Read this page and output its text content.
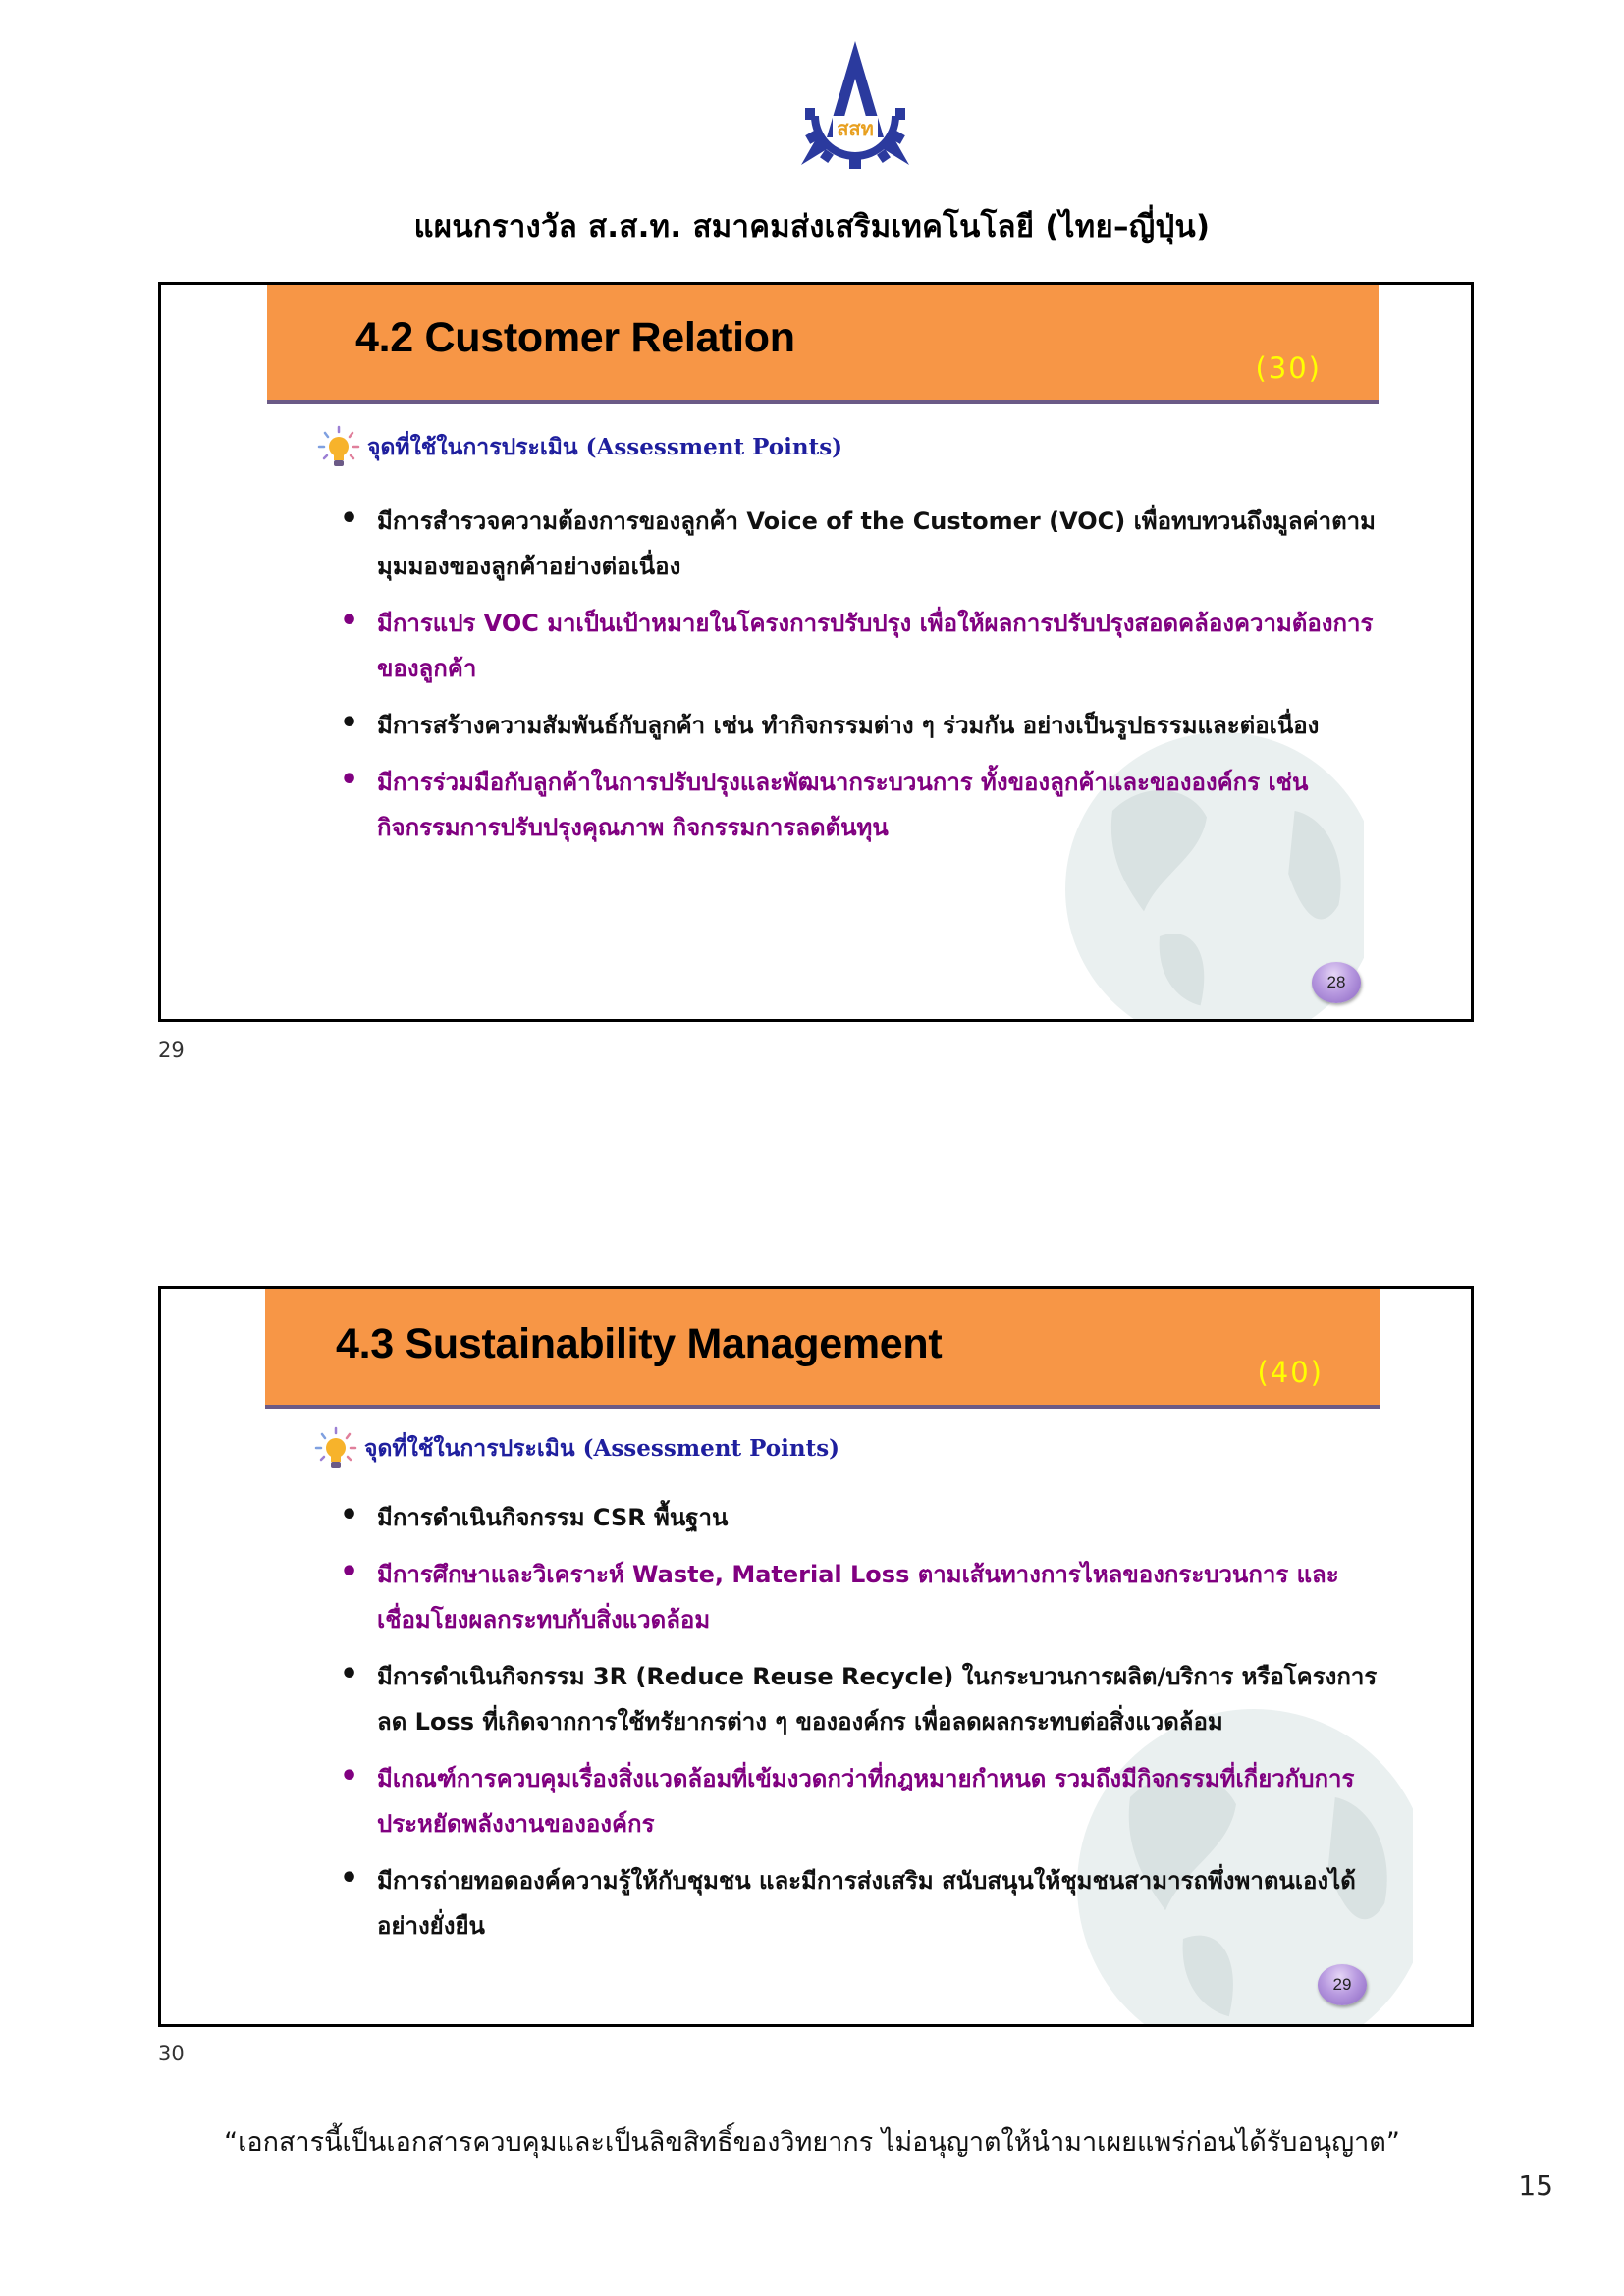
สสท
แผนกรางวัล ส.ส.ท. สมาคมส่งเสริมเทคโนโลยี (ไทย–ญี่ปุ่น)
4.2 Customer Relation
(30)
จุดที่ใช้ในการประเมิน (Assessment Points)
• มีการสำรวจความต้องการของลูกค้า Voice of the Customer (VOC) เพื่อทบทวนถึงมูลค่าตามมุมมองของลูกค้าอย่างต่อเนื่อง
• มีการแปร VOC มาเป็นเป้าหมายในโครงการปรับปรุง เพื่อให้ผลการปรับปรุงสอดคล้องความต้องการของลูกค้า
• มีการสร้างความสัมพันธ์กับลูกค้า เช่น ทำกิจกรรมต่าง ๆ ร่วมกัน อย่างเป็นรูปธรรมและต่อเนื่อง
• มีการร่วมมือกับลูกค้าในการปรับปรุงและพัฒนากระบวนการ ทั้งของลูกค้าและขององค์กร เช่น กิจกรรมการปรับปรุงคุณภาพ กิจกรรมการลดต้นทุน
28
29
4.3 Sustainability Management
(40)
จุดที่ใช้ในการประเมิน (Assessment Points)
• มีการดำเนินกิจกรรม CSR พื้นฐาน
• มีการศึกษาและวิเคราะห์ Waste, Material Loss ตามเส้นทางการไหลของกระบวนการ และเชื่อมโยงผลกระทบกับสิ่งแวดล้อม
• มีการดำเนินกิจกรรม 3R (Reduce Reuse Recycle) ในกระบวนการผลิต/บริการ หรือโครงการลด Loss ที่เกิดจากการใช้ทรัยากรต่าง ๆ ขององค์กร เพื่อลดผลกระทบต่อสิ่งแวดล้อม
• มีเกณฑ์การควบคุมเรื่องสิ่งแวดล้อมที่เข้มงวดกว่าที่กฎหมายกำหนด รวมถึงมีกิจกรรมที่เกี่ยวกับการประหยัดพลังงานขององค์กร
• มีการถ่ายทอดองค์ความรู้ให้กับชุมชน และมีการส่งเสริม สนับสนุนให้ชุมชนสามารถพึ่งพาตนเองได้อย่างยั่งยืน
29
30
“เอกสารนี้เป็นเอกสารควบคุมและเป็นลิขสิทธิ์ของวิทยากร ไม่อนุญาตให้นำมาเผยแพร่ก่อนได้รับอนุญาต”
15
